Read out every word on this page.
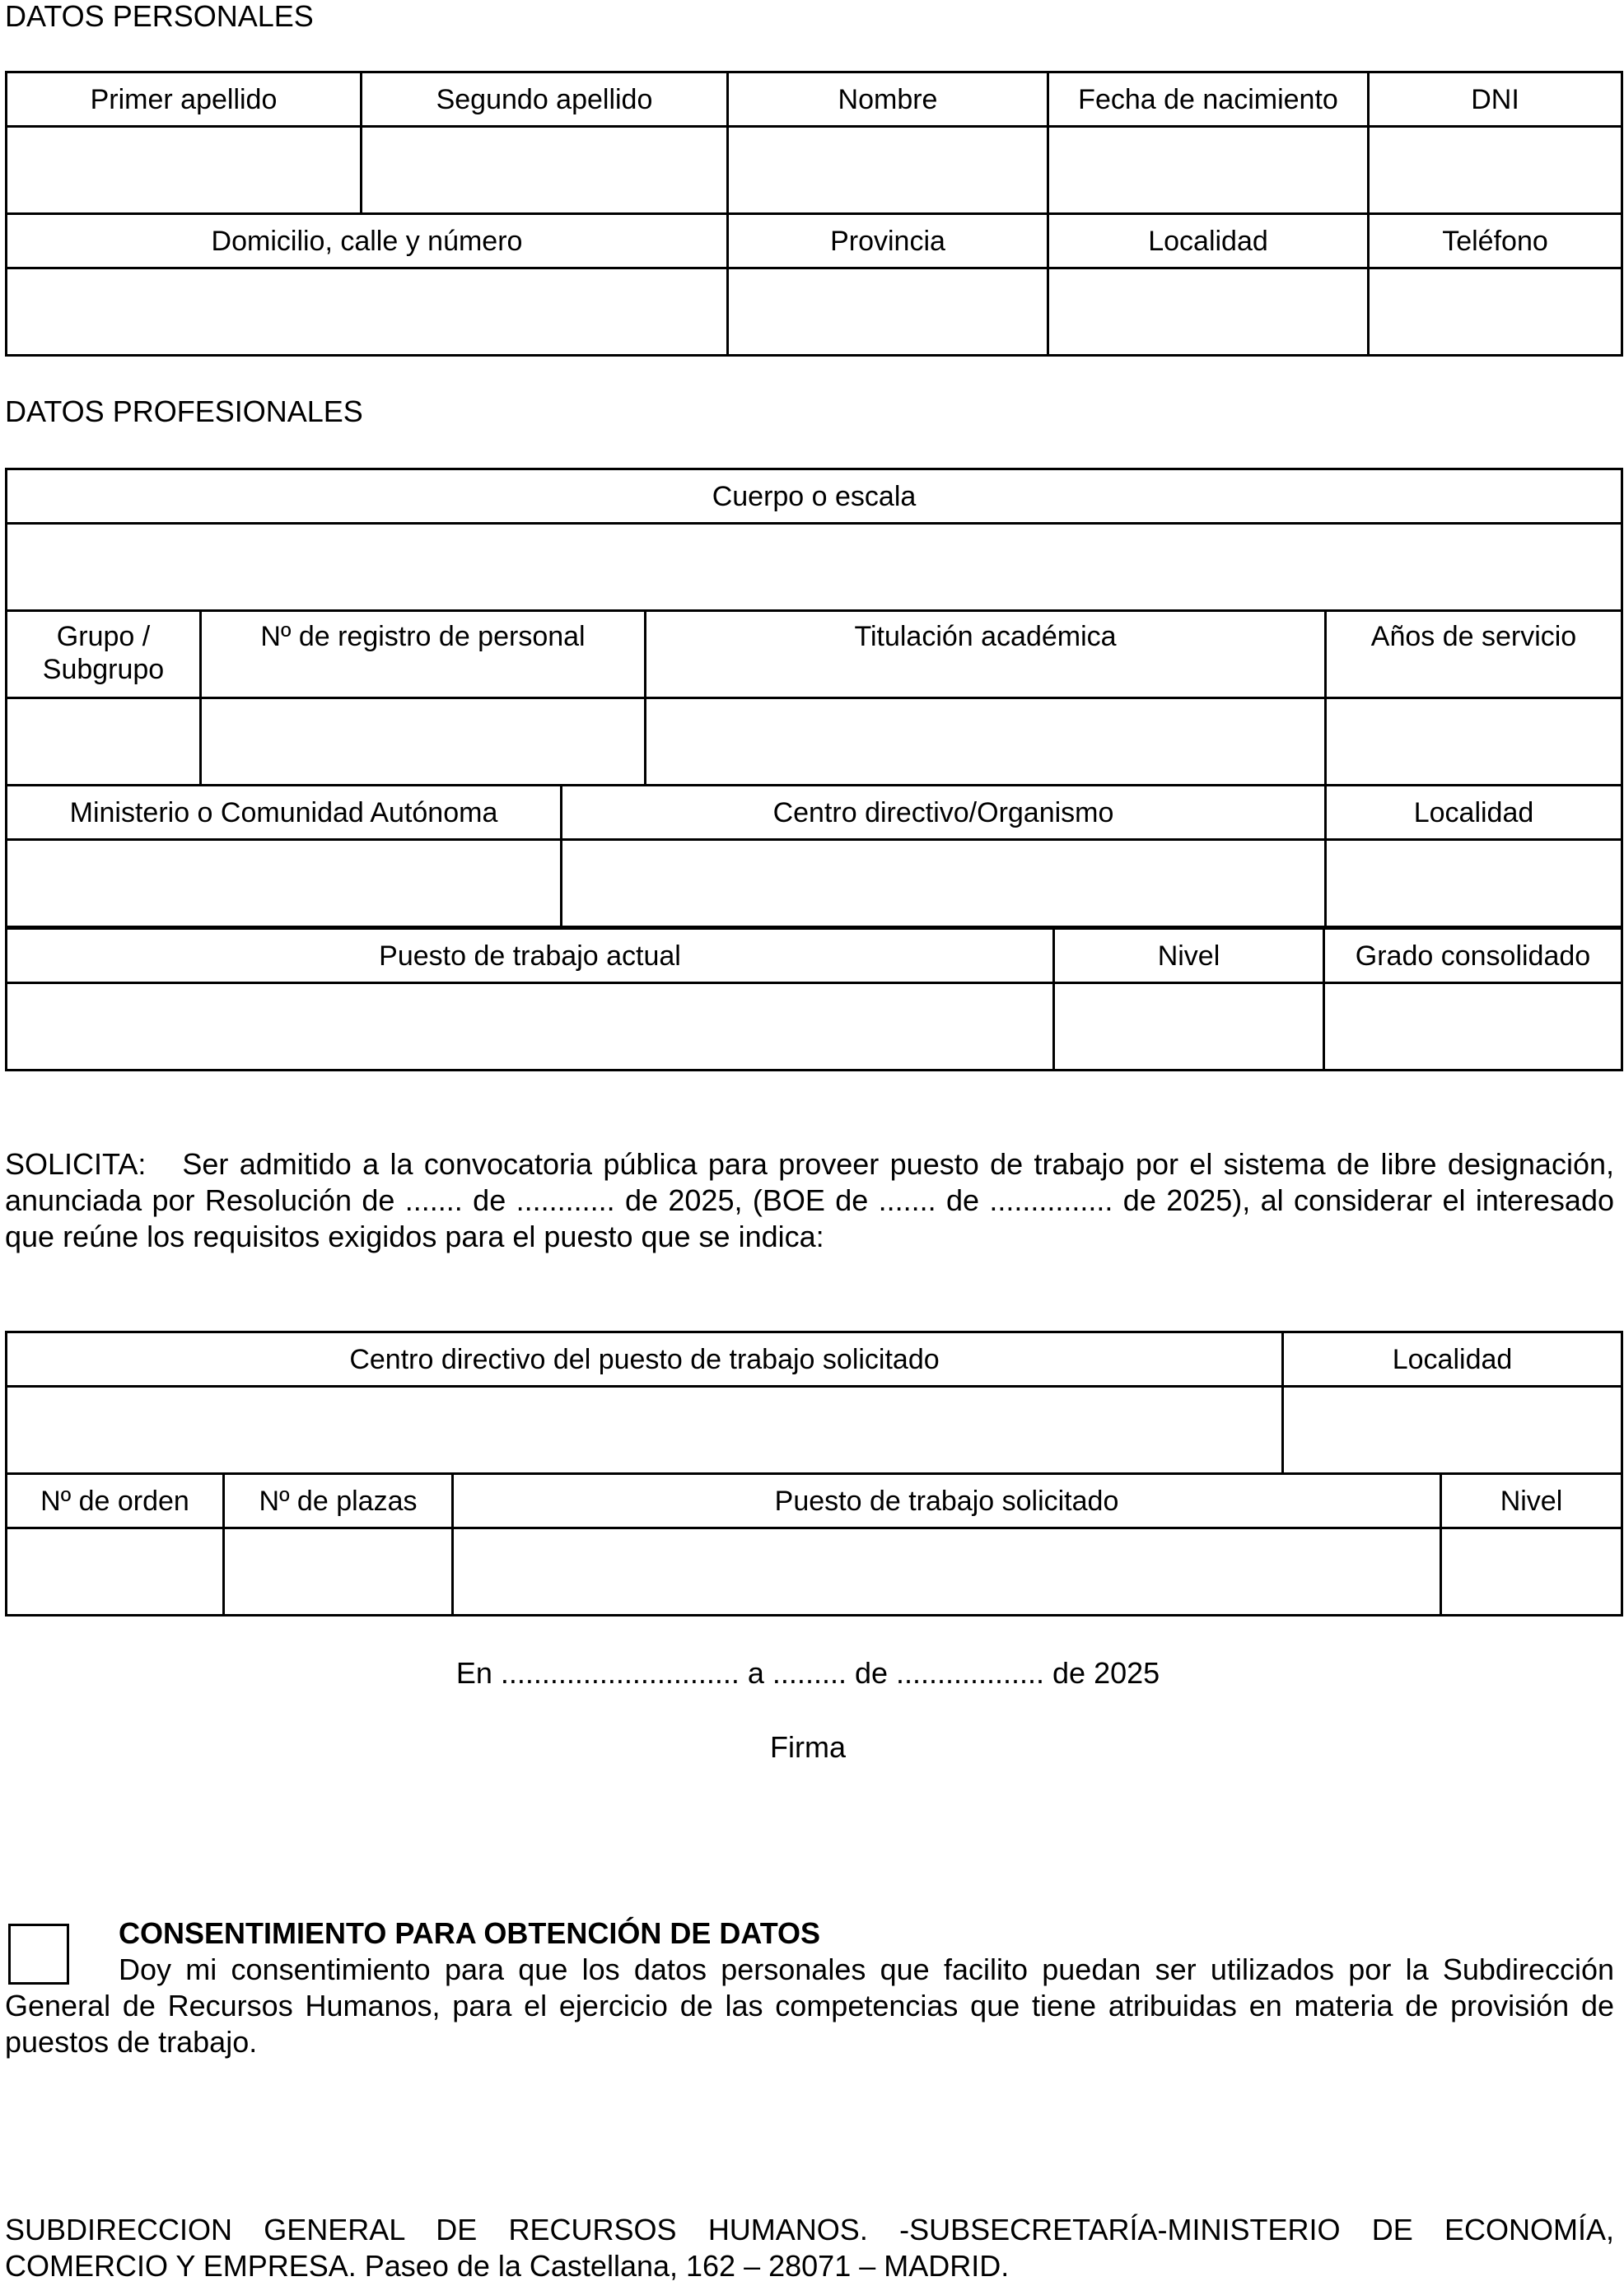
DATOS PERSONALES
Primer apellido	Segundo apellido	Nombre	Fecha de nacimiento	DNI

Domicilio, calle y número		Provincia	Localidad	Teléfono

DATOS PROFESIONALES
Cuerpo o escala				

Grupo / Subgrupo	Nº de registro de personal		Titulación académica	Años de servicio

Ministerio o Comunidad Autónoma		Centro directivo/Organismo		Localidad

Puesto de trabajo actual	Nivel	Grado consolidado

SOLICITA: Ser admitido a la convocatoria pública para proveer puesto de trabajo por el sistema de libre designación, anunciada por Resolución de ....... de ............ de 2025, (BOE de ....... de ............... de 2025), al considerar el interesado que reúne los requisitos exigidos para el puesto que se indica:
Centro directivo del puesto de trabajo solicitado	Localidad

Nº de orden	Nº de plazas	Puesto de trabajo solicitado	Nivel

En ............................. a ......... de .................. de 2025
Firma
CONSENTIMIENTO PARA OBTENCIÓN DE DATOS
Doy mi consentimiento para que los datos personales que facilito puedan ser utilizados por la Subdirección General de Recursos Humanos, para el ejercicio de las competencias que tiene atribuidas en materia de provisión de puestos de trabajo.
SUBDIRECCION GENERAL DE RECURSOS HUMANOS. -SUBSECRETARÍA-MINISTERIO DE ECONOMÍA, COMERCIO Y EMPRESA. Paseo de la Castellana, 162 – 28071 – MADRID.
